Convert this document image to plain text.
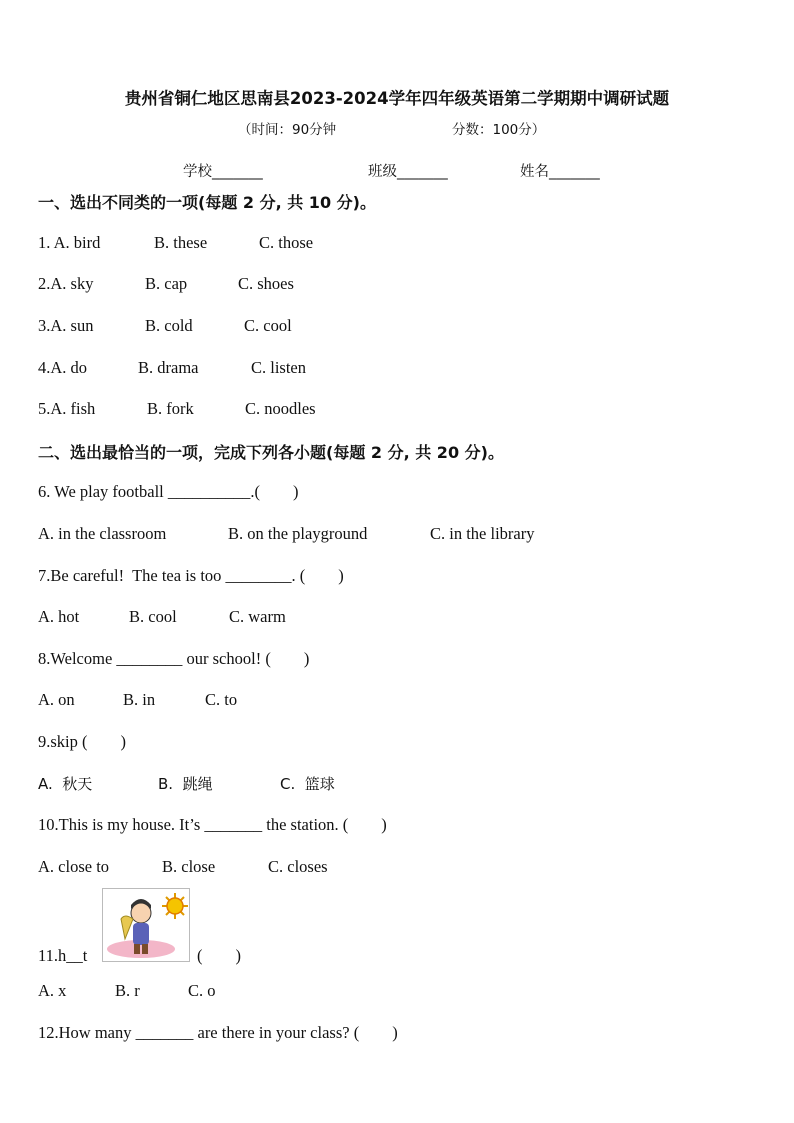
贵州省铜仁地区思南县2023-2024学年四年级英语第二学期期中调研试题
（时间：90分钟	分数：100分）
学校_______	班级_______	姓名_______
一、选出不同类的一项(每题 2 分, 共 10 分)。
1. A. bird	B. these	C. those
2.A. sky	B. cap	C. shoes
3.A. sun	B. cold	C. cool
4.A. do	B. drama	C. listen
5.A. fish	B. fork	C. noodles
二、选出最恰当的一项，完成下列各小题(每题 2 分, 共 20 分)。
6. We play football __________.(　　)
A. in the classroom	B. on the playground	C. in the library
7.Be careful!  The tea is too ________. (　　)
A. hot	B. cool	C. warm
8.Welcome ________ our school! (　　)
A. on	B. in	C. to
9.skip (　　)
A.  秋天	B.  跳绳	C.  篮球
10.This is my house. It’s _______ the station. (　　)
A. close to	B. close	C. closes
11.h__t	(　　)
A. x	B. r	C. o
12.How many _______ are there in your class? (　　)
